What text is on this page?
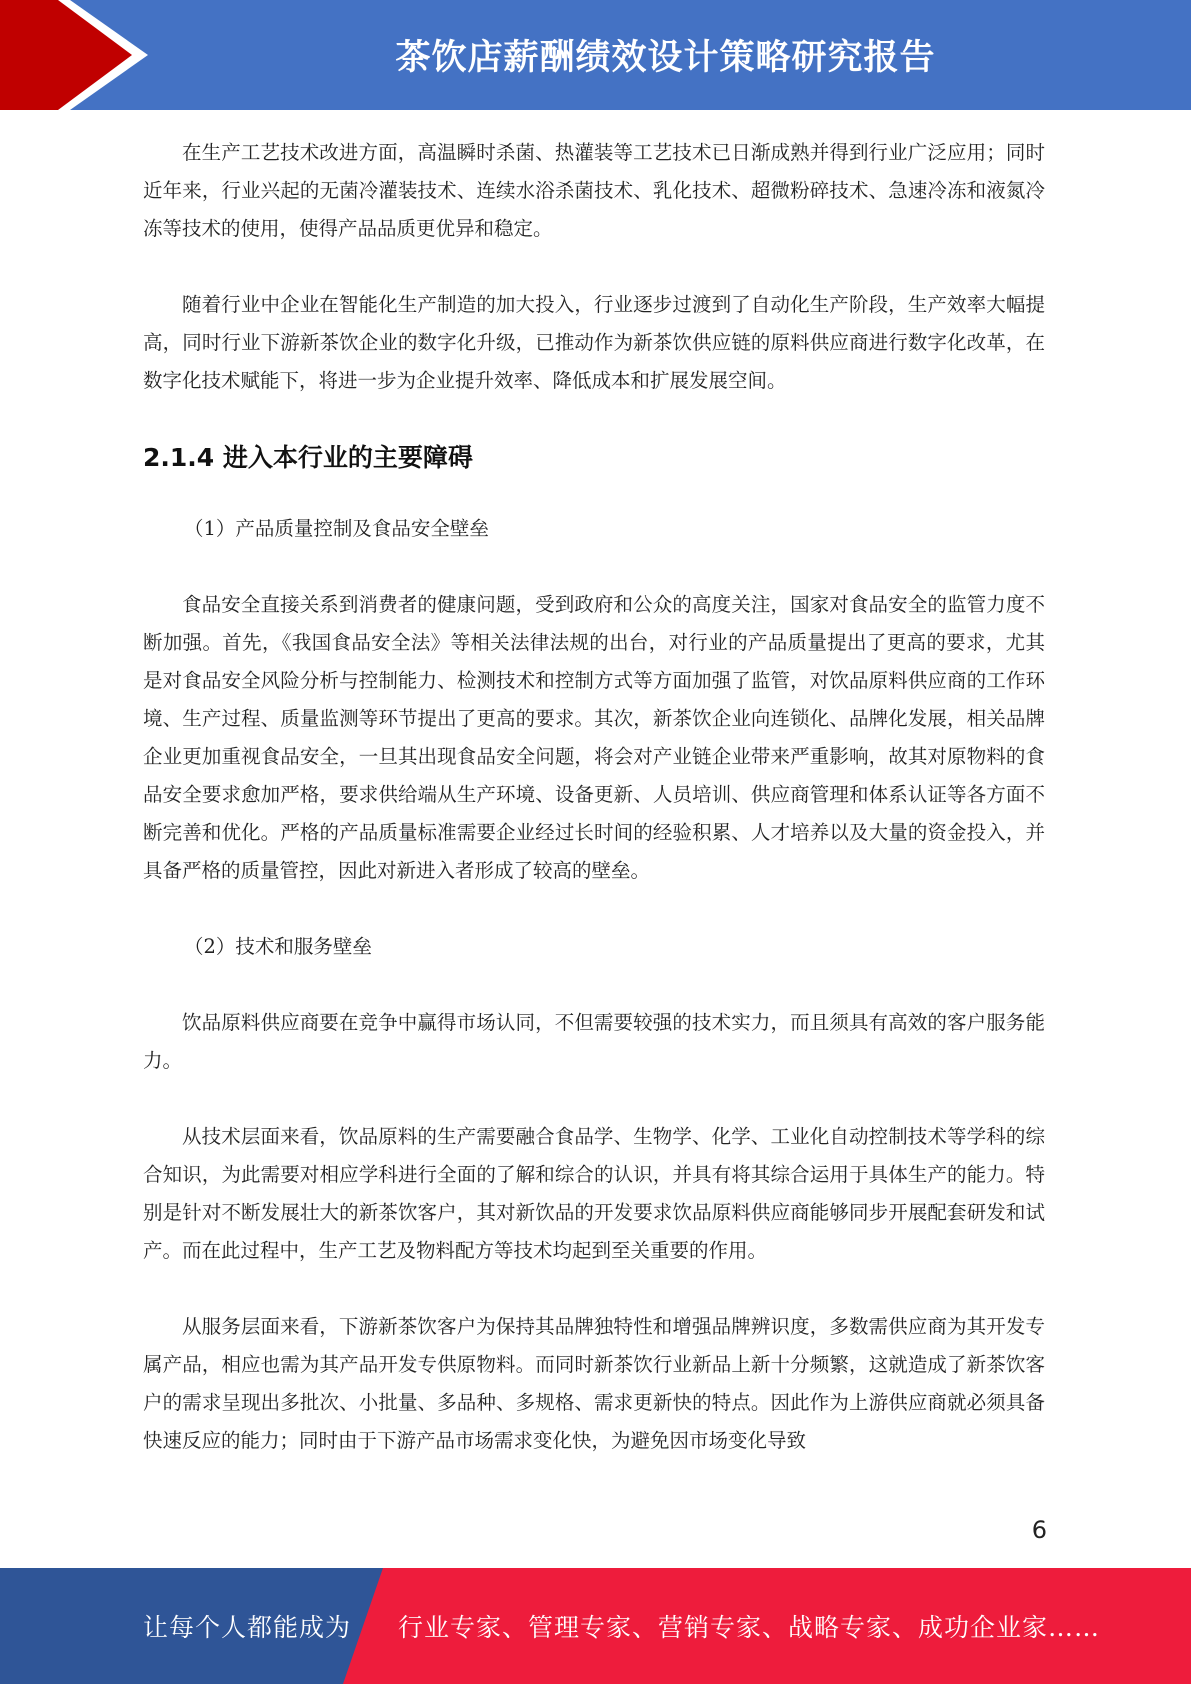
茶饮店薪酬绩效设计策略研究报告

在生产工艺技术改进方面，高温瞬时杀菌、热灌装等工艺技术已日渐成熟并得到行业广泛应用；同时近年来，行业兴起的无菌冷灌装技术、连续水浴杀菌技术、乳化技术、超微粉碎技术、急速冷冻和液氮冷冻等技术的使用，使得产品品质更优异和稳定。

随着行业中企业在智能化生产制造的加大投入，行业逐步过渡到了自动化生产阶段，生产效率大幅提高，同时行业下游新茶饮企业的数字化升级，已推动作为新茶饮供应链的原料供应商进行数字化改革，在数字化技术赋能下，将进一步为企业提升效率、降低成本和扩展发展空间。

2.1.4 进入本行业的主要障碍

（1）产品质量控制及食品安全壁垒

食品安全直接关系到消费者的健康问题，受到政府和公众的高度关注，国家对食品安全的监管力度不断加强。首先，《我国食品安全法》等相关法律法规的出台，对行业的产品质量提出了更高的要求，尤其是对食品安全风险分析与控制能力、检测技术和控制方式等方面加强了监管，对饮品原料供应商的工作环境、生产过程、质量监测等环节提出了更高的要求。其次，新茶饮企业向连锁化、品牌化发展，相关品牌企业更加重视食品安全，一旦其出现食品安全问题，将会对产业链企业带来严重影响，故其对原物料的食品安全要求愈加严格，要求供给端从生产环境、设备更新、人员培训、供应商管理和体系认证等各方面不断完善和优化。严格的产品质量标准需要企业经过长时间的经验积累、人才培养以及大量的资金投入，并具备严格的质量管控，因此对新进入者形成了较高的壁垒。

（2）技术和服务壁垒

饮品原料供应商要在竞争中赢得市场认同，不但需要较强的技术实力，而且须具有高效的客户服务能力。

从技术层面来看，饮品原料的生产需要融合食品学、生物学、化学、工业化自动控制技术等学科的综合知识，为此需要对相应学科进行全面的了解和综合的认识，并具有将其综合运用于具体生产的能力。特别是针对不断发展壮大的新茶饮客户，其对新饮品的开发要求饮品原料供应商能够同步开展配套研发和试产。而在此过程中，生产工艺及物料配方等技术均起到至关重要的作用。

从服务层面来看，下游新茶饮客户为保持其品牌独特性和增强品牌辨识度，多数需供应商为其开发专属产品，相应也需为其产品开发专供原物料。而同时新茶饮行业新品上新十分频繁，这就造成了新茶饮客户的需求呈现出多批次、小批量、多品种、多规格、需求更新快的特点。因此作为上游供应商就必须具备快速反应的能力；同时由于下游产品市场需求变化快，为避免因市场变化导致

6
让每个人都能成为 行业专家、管理专家、营销专家、战略专家、成功企业家……
